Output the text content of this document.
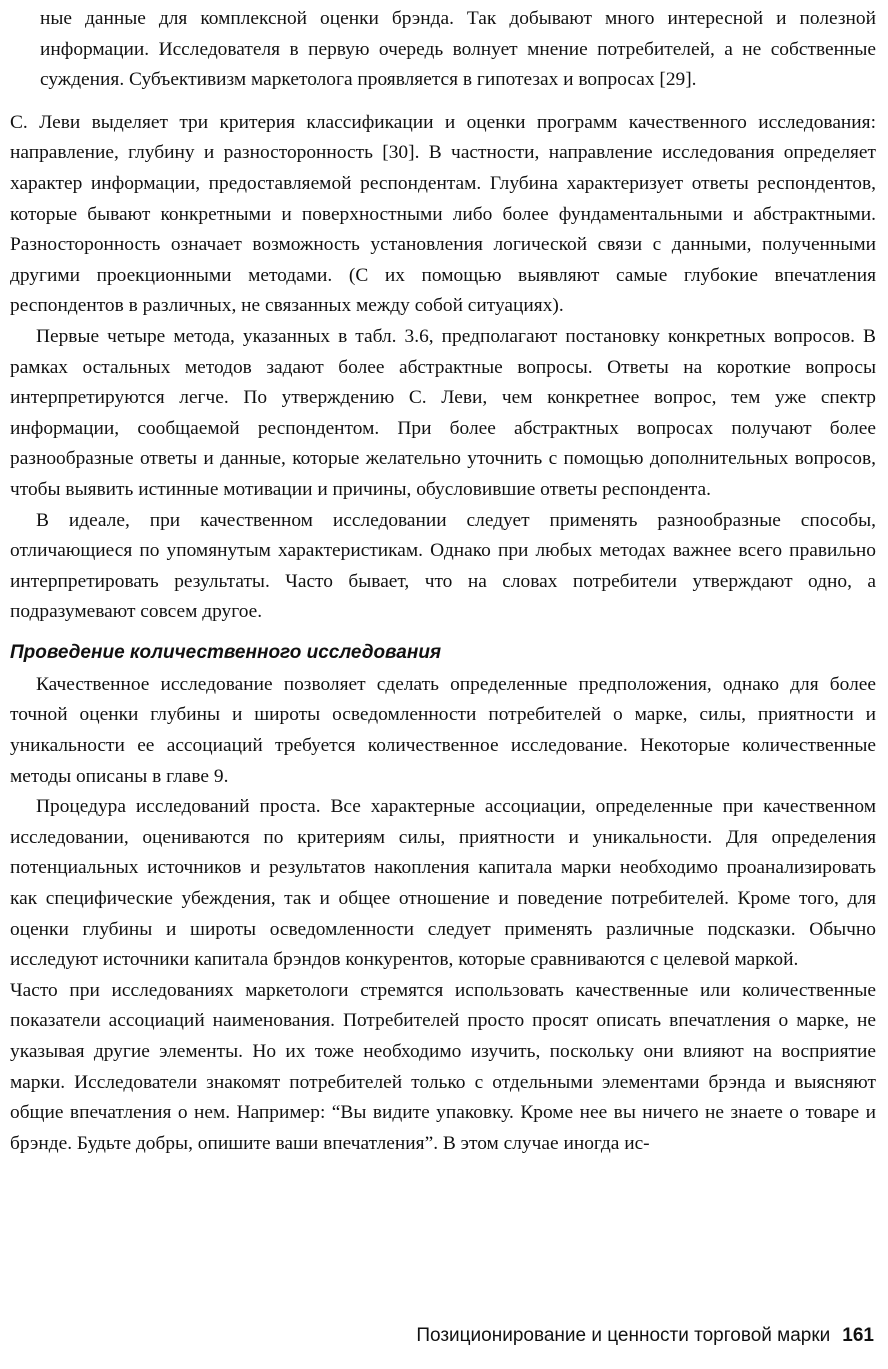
ные данные для комплексной оценки брэнда. Так добывают много интересной и полезной информации. Исследователя в первую очередь волнует мнение потребителей, а не собственные суждения. Субъективизм маркетолога проявляется в гипотезах и вопросах [29].

С. Леви выделяет три критерия классификации и оценки программ качественного исследования: направление, глубину и разносторонность [30]. В частности, направление исследования определяет характер информации, предоставляемой респондентам. Глубина характеризует ответы респондентов, которые бывают конкретными и поверхностными либо более фундаментальными и абстрактными. Разносторонность означает возможность установления логической связи с данными, полученными другими проекционными методами. (С их помощью выявляют самые глубокие впечатления респондентов в различных, не связанных между собой ситуациях).

Первые четыре метода, указанных в табл. 3.6, предполагают постановку конкретных вопросов. В рамках остальных методов задают более абстрактные вопросы. Ответы на короткие вопросы интерпретируются легче. По утверждению С. Леви, чем конкретнее вопрос, тем уже спектр информации, сообщаемой респондентом. При более абстрактных вопросах получают более разнообразные ответы и данные, которые желательно уточнить с помощью дополнительных вопросов, чтобы выявить истинные мотивации и причины, обусловившие ответы респондента.

В идеале, при качественном исследовании следует применять разнообразные способы, отличающиеся по упомянутым характеристикам. Однако при любых методах важнее всего правильно интерпретировать результаты. Часто бывает, что на словах потребители утверждают одно, а подразумевают совсем другое.

Проведение количественного исследования

Качественное исследование позволяет сделать определенные предположения, однако для более точной оценки глубины и широты осведомленности потребителей о марке, силы, приятности и уникальности ее ассоциаций требуется количественное исследование. Некоторые количественные методы описаны в главе 9.

Процедура исследований проста. Все характерные ассоциации, определенные при качественном исследовании, оцениваются по критериям силы, приятности и уникальности. Для определения потенциальных источников и результатов накопления капитала марки необходимо проанализировать как специфические убеждения, так и общее отношение и поведение потребителей. Кроме того, для оценки глубины и широты осведомленности следует применять различные подсказки. Обычно исследуют источники капитала брэндов конкурентов, которые сравниваются с целевой маркой.

Часто при исследованиях маркетологи стремятся использовать качественные или количественные показатели ассоциаций наименования. Потребителей просто просят описать впечатления о марке, не указывая другие элементы. Но их тоже необходимо изучить, поскольку они влияют на восприятие марки. Исследователи знакомят потребителей только с отдельными элементами брэнда и выясняют общие впечатления о нем. Например: “Вы видите упаковку. Кроме нее вы ничего не знаете о товаре и брэнде. Будьте добры, опишите ваши впечатления”. В этом случае иногда ис-

Позиционирование и ценности торговой марки 161
